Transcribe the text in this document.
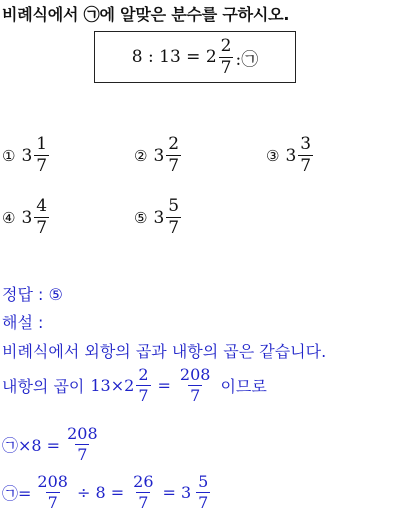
비례식에서 ㉠에 알맞은 분수를 구하시오.
8 : $13 = 2 \frac{2}{7}$ :㉠
① $3 \frac{1}{7}$	② $3 \frac{2}{7}$	③ $3 \frac{3}{7}$
④ $3 \frac{4}{7}$	⑤ $3 \frac{5}{7}$
정답 : ⑤
해설 :
비례식에서 외항의 곱과 내항의 곱은 같습니다.
내항의 곱이 $13\times 2 \frac{2}{7} = \frac{208}{7}$ 이므로
㉠×8 = $\frac{208}{7}$
㉠= $\frac{208}{7} \div 8 = \frac{26}{7} = 3 \frac{5}{7}$
